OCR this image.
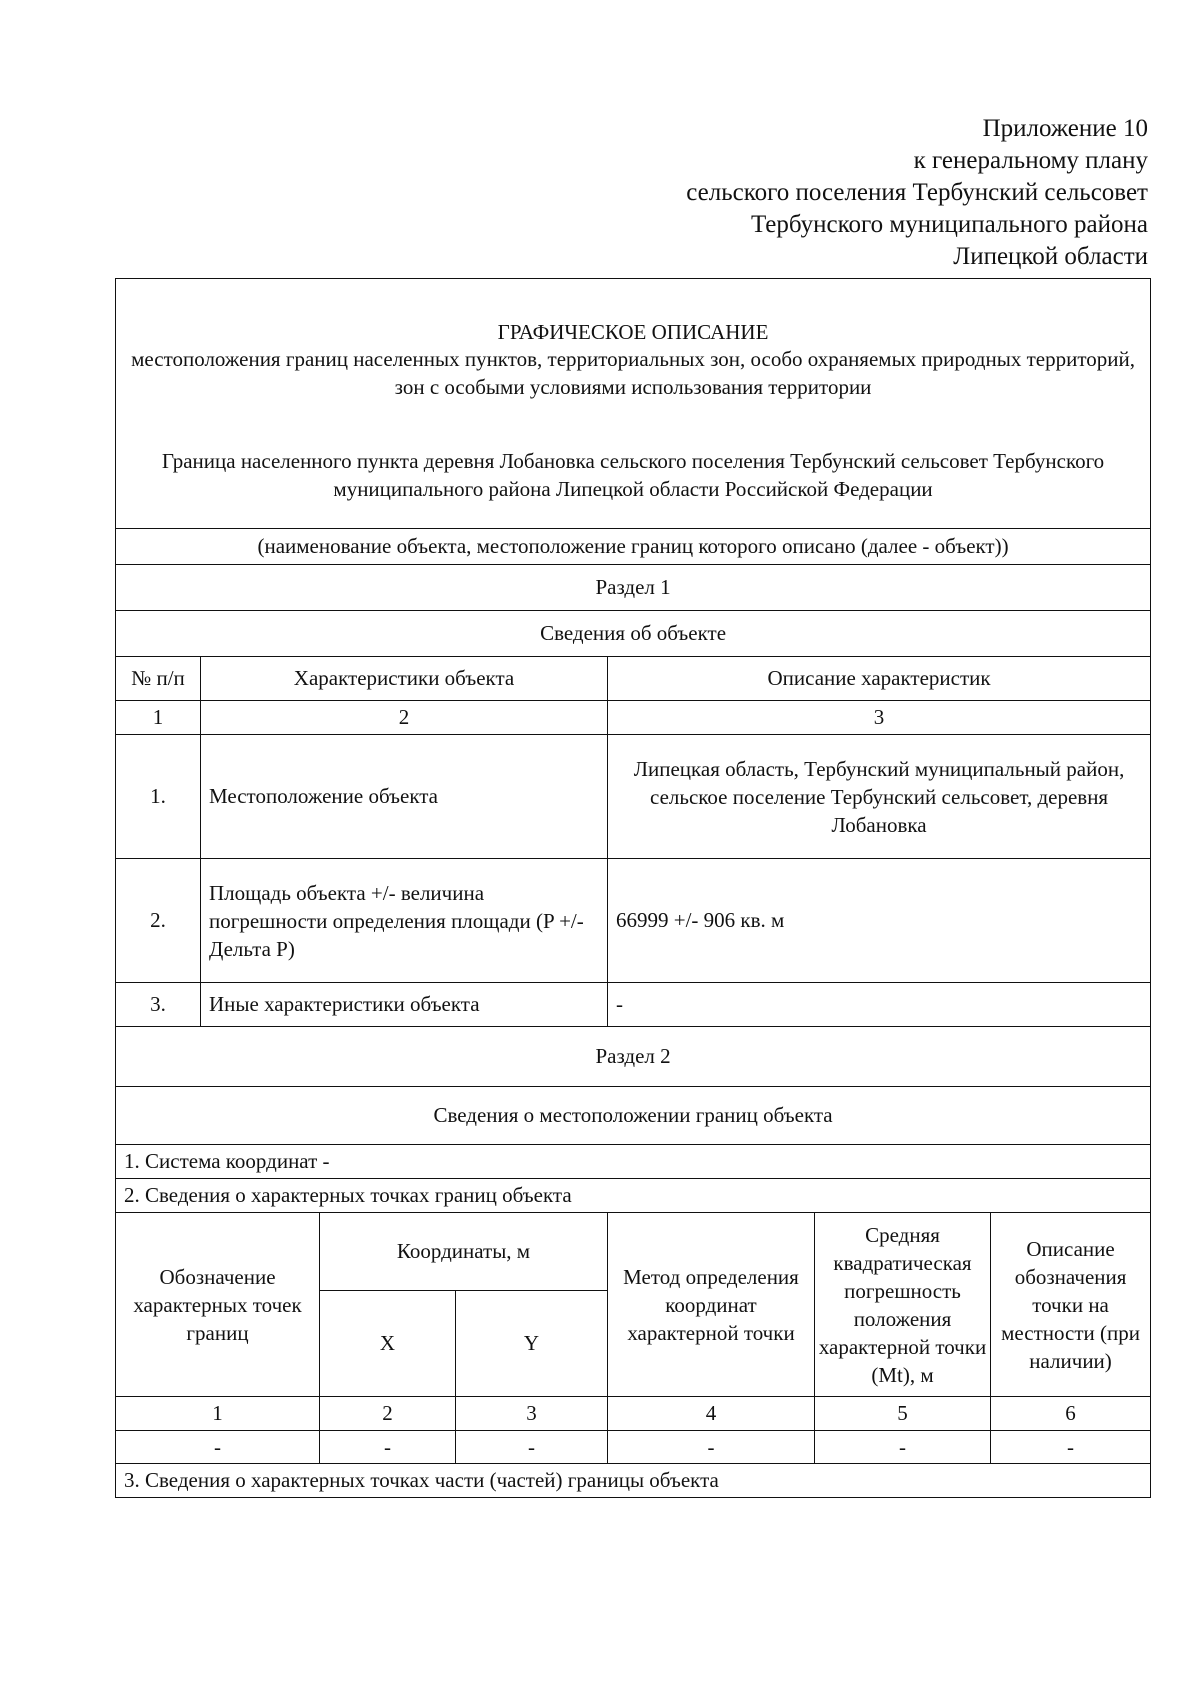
Приложение 10
к генеральному плану
сельского поселения Тербунский сельсовет
Тербунского муниципального района
Липецкой области
ГРАФИЧЕСКОЕ ОПИСАНИЕ
местоположения границ населенных пунктов, территориальных зон, особо охраняемых природных территорий, зон с особыми условиями использования территории
Граница населенного пункта деревня Лобановка сельского поселения Тербунский сельсовет Тербунского муниципального района Липецкой области Российской Федерации						

(наименование объекта, местоположение границ которого описано (далее - объект))						
Раздел 1						
Сведения об объекте						
№ п/п	Характеристики объекта			Описание характеристик		
1	2			3		
1.	Местоположение объекта			Липецкая область, Тербунский муниципальный район, сельское поселение Тербунский сельсовет, деревня Лобановка		
2.	Площадь объекта +/- величина погрешности определения площади (P +/- Дельта P)			66999 +/- 906 кв. м		
3.	Иные характеристики объекта			-		
Раздел 2						
Сведения о местоположении границ объекта						
1. Система координат -						
2. Сведения о характерных точках границ объекта						
Обозначение характерных точек границ		Координаты, м		Метод определения координат характерной точки	Средняя квадратическая погрешность положения характерной точки (Mt), м	Описание обозначения точки на местности (при наличии)
		X	Y			
1		2	3	4	5	6
-		-	-	-	-	-
3. Сведения о характерных точках части (частей) границы объекта						
